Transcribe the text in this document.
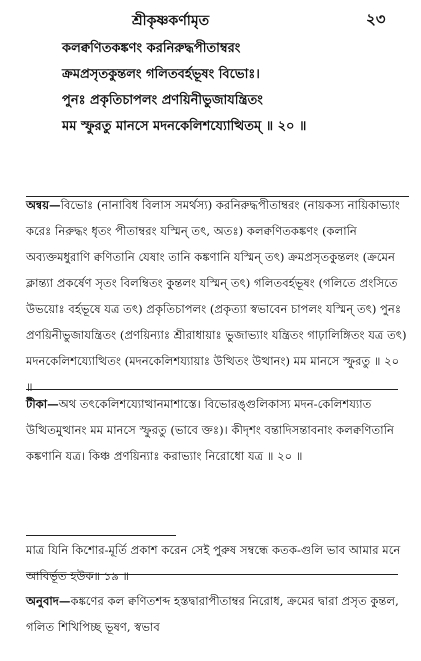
শ্রীকৃষ্ণকর্ণামৃত	২৩
কলক্বণিতকঙ্কণং করনিরুদ্ধপীতাম্বরং
ক্রমপ্রসৃতকুন্তলং গলিতবর্হভূষং বিভোঃ।
পুনঃ প্রকৃতিচাপলং প্রণয়িনীভুজাযন্ত্রিতং
মম স্ফুরতু মানসে মদনকেলিশয্যোত্থিতম্ ॥ ২০ ॥

অন্বয়—বিভোঃ (নানাবিধ বিলাস সমর্থস্য) করনিরুদ্ধপীতাম্বরং (নায়কস্য নায়িকাভ্যাং করেঃ নিরুদ্ধং ধৃতং পীতাম্বরং যস্মিন্ তৎ, অতঃ) কলক্বণিতকঙ্কণং (কলানি অব্যক্তমধুরাণি ক্বণিতানি যেষাং তানি কঙ্কণানি যস্মিন্ তৎ) ক্রমপ্রসৃতকুন্তলং (ক্রমেন ক্লান্ত্যা প্রকর্ষেণ সৃতং বিলম্বিতং কুন্তলং যস্মিন্ তৎ) গলিতবর্হভূষং (গলিতে প্রংসিতে উভয়োঃ বর্হভূষে যত্র তৎ) প্রকৃতিচাপলং (প্রকৃত্যা স্বভাবেন চাপলং যস্মিন্ তৎ) পুনঃ প্রণয়িনীভুজাযন্ত্রিতং (প্রণয়িন্যাঃ শ্রীরাধায়াঃ ভুজাভ্যাং যন্ত্রিতং গাঢ়ালিঙ্গিতং যত্র তৎ) মদনকেলিশয্যোত্থিতং (মদনকেলিশয্যায়াঃ উত্থিতং উত্থানং) মম মানসে স্ফুরতু ॥ ২০ ॥

টীকা—অথ তৎকেলিশয্যোত্থানমাশাস্তে। বিভোরঙ্গুলিকাস্য মদন-কেলিশয্যাত উত্থিতমুত্থানং মম মানসে স্ফুরতু (ভাবে ক্তঃ)। কীদৃশং বন্তাদিসন্তাবনাং কলক্বণিতানি কঙ্কণানি যত্র। কিঞ্চ প্রণয়িন্যাঃ করাভ্যাং নিরোধো যত্র ॥ ২০ ॥

মাত্র যিনি কিশোর-মূর্তি প্রকাশ করেন সেই পুরুষ সম্বন্ধে কতক-গুলি ভাব আমার মনে আবির্ভূত হউক॥ ১৯ ॥

অনুবাদ—কঙ্কণের কল ক্বণিতশব্দ হস্তদ্বারাপীতাম্বর নিরোধ, ক্রমের দ্বারা প্রসৃত কুন্তল, গলিত শিখিপিচ্ছ ভূষণ, স্বভাব
